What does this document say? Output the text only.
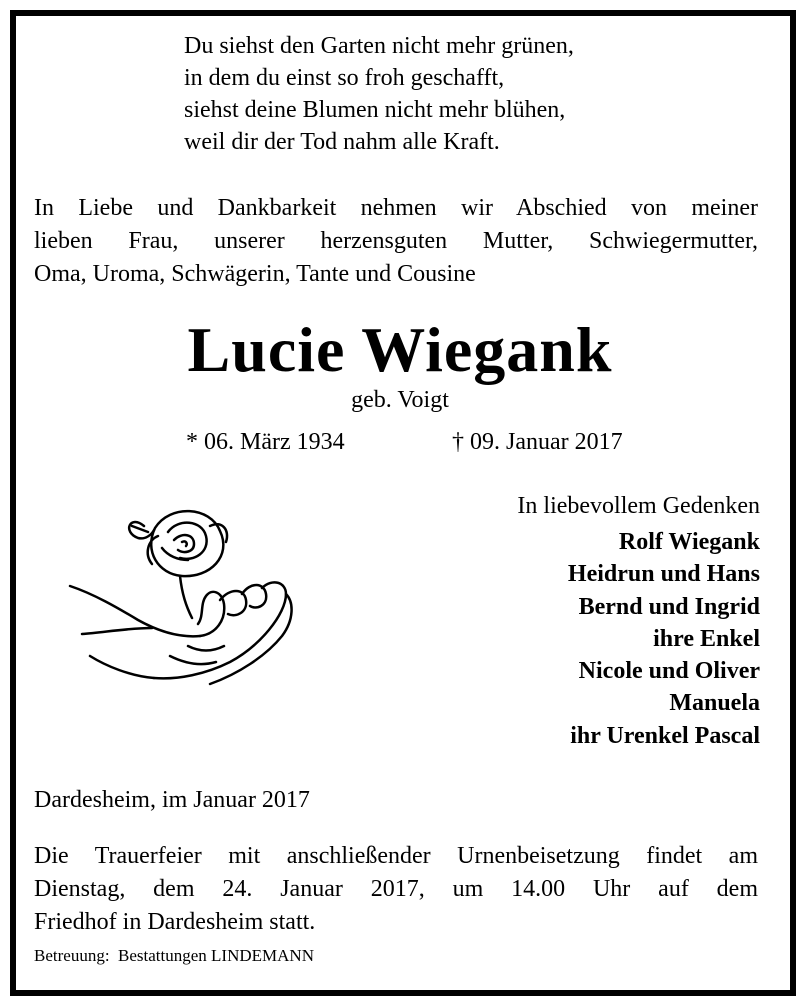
Du siehst den Garten nicht mehr grünen,
in dem du einst so froh geschafft,
siehst deine Blumen nicht mehr blühen,
weil dir der Tod nahm alle Kraft.
In Liebe und Dankbarkeit nehmen wir Abschied von meiner
lieben Frau, unserer herzensguten Mutter, Schwiegermutter,
Oma, Uroma, Schwägerin, Tante und Cousine
Lucie Wiegank
geb. Voigt
* 06. März 1934	† 09. Januar 2017
In liebevollem Gedenken
Rolf Wiegank
Heidrun und Hans
Bernd und Ingrid
ihre Enkel
Nicole und Oliver
Manuela
ihr Urenkel Pascal
Dardesheim, im Januar 2017
Die Trauerfeier mit anschließender Urnenbeisetzung findet am
Dienstag, dem 24. Januar 2017, um 14.00 Uhr auf dem
Friedhof in Dardesheim statt.
Betreuung:  Bestattungen LINDEMANN
